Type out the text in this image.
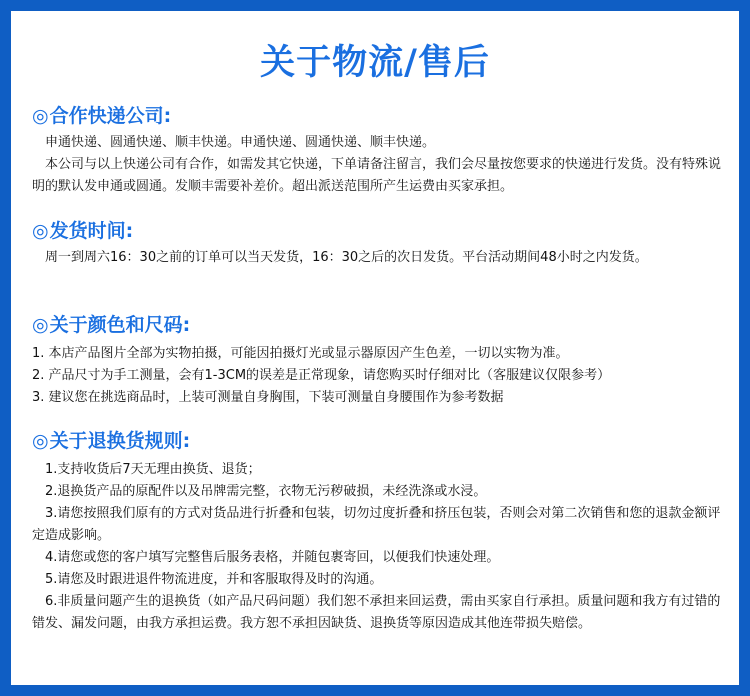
关于物流/售后
◎合作快递公司:
申通快递、圆通快递、顺丰快递。申通快递、圆通快递、顺丰快递。
本公司与以上快递公司有合作，如需发其它快递，下单请备注留言，我们会尽量按您要求的快递进行发货。没有特殊说明的默认发申通或圆通。发顺丰需要补差价。超出派送范围所产生运费由买家承担。
◎发货时间:
周一到周六16：30之前的订单可以当天发货，16：30之后的次日发货。平台活动期间48小时之内发货。
◎关于颜色和尺码:
1. 本店产品图片全部为实物拍摄，可能因拍摄灯光或显示器原因产生色差，一切以实物为准。
2. 产品尺寸为手工测量，会有1-3CM的误差是正常现象，请您购买时仔细对比（客服建议仅限参考）
3. 建议您在挑选商品时，上装可测量自身胸围，下装可测量自身腰围作为参考数据
◎关于退换货规则:
1.支持收货后7天无理由换货、退货；
2.退换货产品的原配件以及吊牌需完整，衣物无污秽破损，未经洗涤或水浸。
3.请您按照我们原有的方式对货品进行折叠和包装，切勿过度折叠和挤压包装，否则会对第二次销售和您的退款金额评定造成影响。
4.请您或您的客户填写完整售后服务表格，并随包裹寄回，以便我们快速处理。
5.请您及时跟进退件物流进度，并和客服取得及时的沟通。
6.非质量问题产生的退换货（如产品尺码问题）我们恕不承担来回运费，需由买家自行承担。质量问题和我方有过错的错发、漏发问题，由我方承担运费。我方恕不承担因缺货、退换货等原因造成其他连带损失赔偿。
